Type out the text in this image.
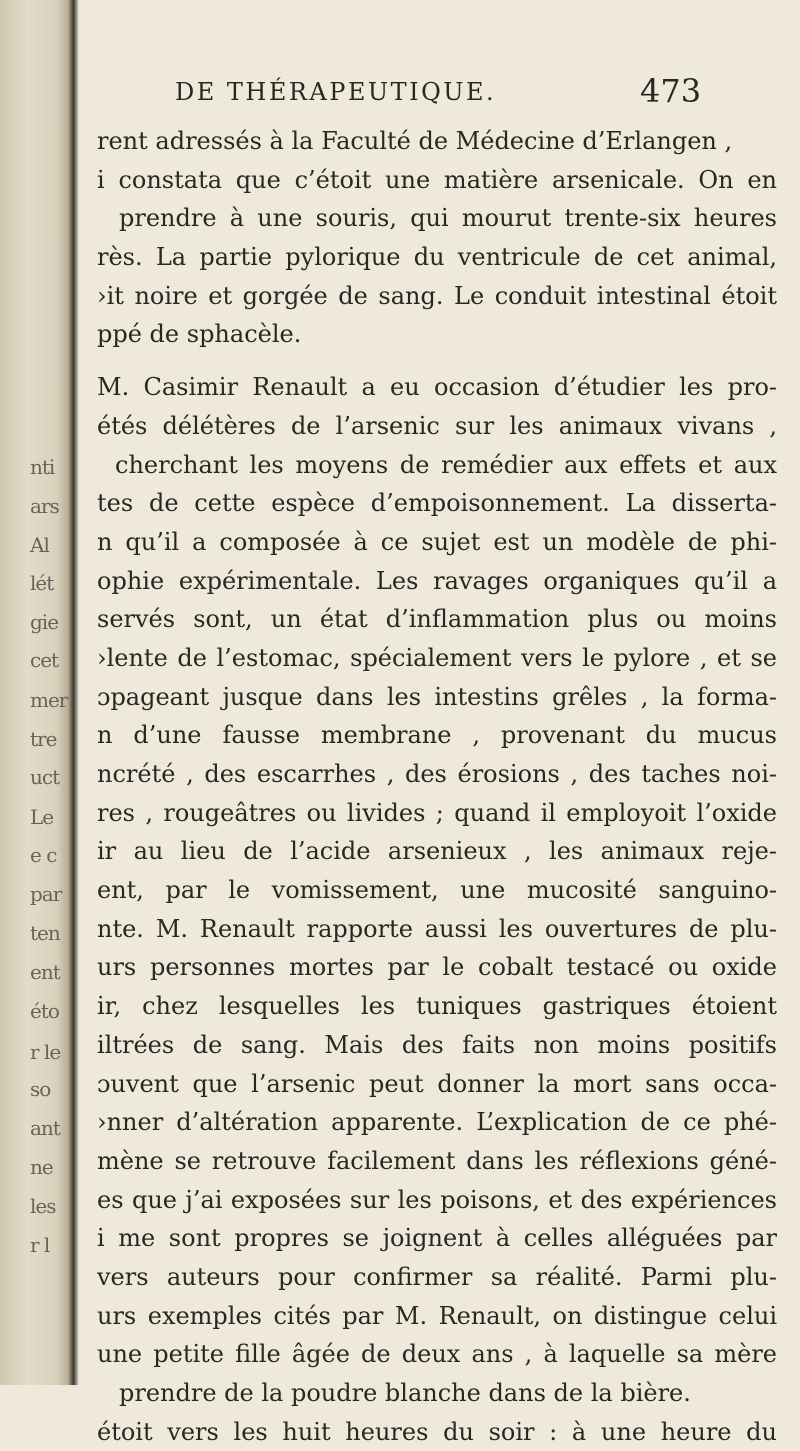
nti
ars
Al
lét
gie
cet
mer
tre
uct
Le
e c
par
ten
ent
éto
r le
so
ant
ne
les
r l
DE THÉRAPEUTIQUE.	473
rent adressés à la Faculté de Médecine d’Erlangen ,
i constata que c’étoit une matière arsenicale. On en
prendre à une souris, qui mourut trente-six heures
rès. La partie pylorique du ventricule de cet animal,
›it noire et gorgée de sang. Le conduit intestinal étoit
ppé de sphacèle.
M. Casimir Renault a eu occasion d’étudier les pro-
étés délétères de l’arsenic sur les animaux vivans ,
cherchant les moyens de remédier aux effets et aux
tes de cette espèce d’empoisonnement. La disserta-
n qu’il a composée à ce sujet est un modèle de phi-
ophie expérimentale. Les ravages organiques qu’il a
servés sont, un état d’inflammation plus ou moins
›lente de l’estomac, spécialement vers le pylore , et se
ɔpageant jusque dans les intestins grêles , la forma-
n d’une fausse membrane , provenant du mucus
ncrété , des escarrhes , des érosions , des taches noi-
res , rougeâtres ou livides ; quand il employoit l’oxide
ir au lieu de l’acide arsenieux , les animaux reje-
ent, par le vomissement, une mucosité sanguino-
nte. M. Renault rapporte aussi les ouvertures de plu-
urs personnes mortes par le cobalt testacé ou oxide
ir, chez lesquelles les tuniques gastriques étoient
iltrées de sang. Mais des faits non moins positifs
ɔuvent que l’arsenic peut donner la mort sans occa-
›nner d’altération apparente. L’explication de ce phé-
mène se retrouve facilement dans les réflexions géné-
es que j’ai exposées sur les poisons, et des expériences
i me sont propres se joignent à celles alléguées par
vers auteurs pour confirmer sa réalité. Parmi plu-
urs exemples cités par M. Renault, on distingue celui
une petite fille âgée de deux ans , à laquelle sa mère
prendre de la poudre blanche dans de la bière.
étoit vers les huit heures du soir : à une heure du
